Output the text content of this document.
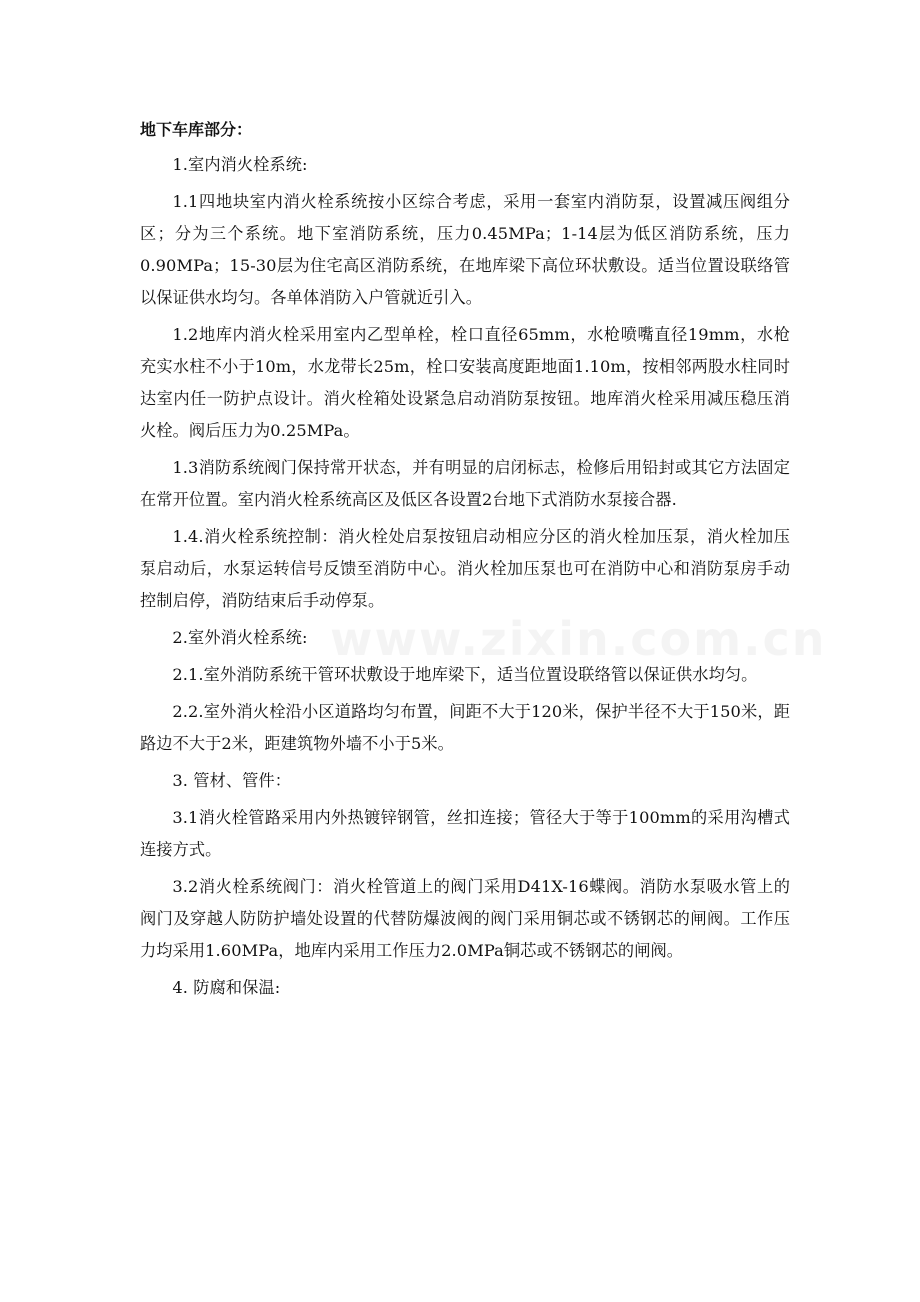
地下车库部分：

1.室内消火栓系统:

1.1四地块室内消火栓系统按小区综合考虑，采用一套室内消防泵，设置减压阀组分区；分为三个系统。地下室消防系统，压力0.45MPa；1-14层为低区消防系统，压力0.90MPa；15-30层为住宅高区消防系统，在地库梁下高位环状敷设。适当位置设联络管以保证供水均匀。各单体消防入户管就近引入。

1.2地库内消火栓采用室内乙型单栓，栓口直径65mm，水枪喷嘴直径19mm，水枪充实水柱不小于10m，水龙带长25m，栓口安装高度距地面1.10m，按相邻两股水柱同时达室内任一防护点设计。消火栓箱处设紧急启动消防泵按钮。地库消火栓采用减压稳压消火栓。阀后压力为0.25MPa。

1.3消防系统阀门保持常开状态，并有明显的启闭标志，检修后用铅封或其它方法固定在常开位置。室内消火栓系统高区及低区各设置2台地下式消防水泵接合器.

1.4.消火栓系统控制：消火栓处启泵按钮启动相应分区的消火栓加压泵，消火栓加压泵启动后，水泵运转信号反馈至消防中心。消火栓加压泵也可在消防中心和消防泵房手动控制启停，消防结束后手动停泵。

2.室外消火栓系统:

2.1.室外消防系统干管环状敷设于地库梁下，适当位置设联络管以保证供水均匀。

2.2.室外消火栓沿小区道路均匀布置，间距不大于120米，保护半径不大于150米，距路边不大于2米，距建筑物外墙不小于5米。

3. 管材、管件：

3.1消火栓管路采用内外热镀锌钢管，丝扣连接；管径大于等于100mm的采用沟槽式连接方式。

3.2消火栓系统阀门：消火栓管道上的阀门采用D41X-16蝶阀。消防水泵吸水管上的阀门及穿越人防防护墙处设置的代替防爆波阀的阀门采用铜芯或不锈钢芯的闸阀。工作压力均采用1.60MPa，地库内采用工作压力2.0MPa铜芯或不锈钢芯的闸阀。

4. 防腐和保温:
